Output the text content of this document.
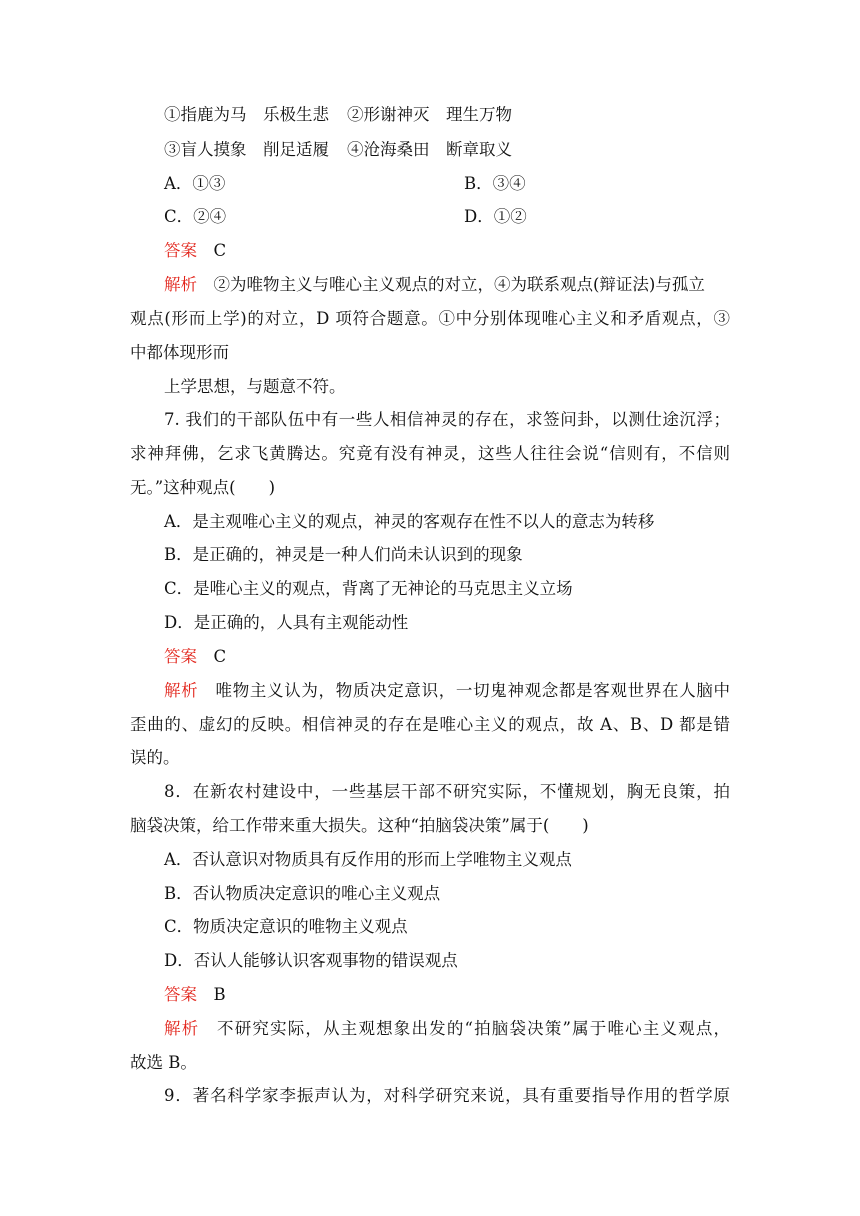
①指鹿为马　乐极生悲 ②形谢神灭　理生万物
③盲人摸象　削足适履 ④沧海桑田　断章取义
A．①③	B．③④
C．②④	D．①②
答案　 C
解析　 ②为唯物主义与唯心主义观点的对立，④为联系观点(辩证法)与孤立
观点(形而上学)的对立，D 项符合题意。①中分别体现唯心主义和矛盾观点，③
中都体现形而
上学思想，与题意不符。
7. 我们的干部队伍中有一些人相信神灵的存在，求签问卦，以测仕途沉浮；
求神拜佛，乞求飞黄腾达。究竟有没有神灵，这些人往往会说“信则有，不信则
无。”这种观点(　　)
A．是主观唯心主义的观点，神灵的客观存在性不以人的意志为转移
B．是正确的，神灵是一种人们尚未认识到的现象
C．是唯心主义的观点，背离了无神论的马克思主义立场
D．是正确的，人具有主观能动性
答案　 C
解析　 唯物主义认为，物质决定意识，一切鬼神观念都是客观世界在人脑中
歪曲的、虚幻的反映。相信神灵的存在是唯心主义的观点，故 A、B、D 都是错
误的。
8．在新农村建设中，一些基层干部不研究实际，不懂规划，胸无良策，拍
脑袋决策，给工作带来重大损失。这种“拍脑袋决策”属于(　　)
A．否认意识对物质具有反作用的形而上学唯物主义观点
B．否认物质决定意识的唯心主义观点
C．物质决定意识的唯物主义观点
D．否认人能够认识客观事物的错误观点
答案　 B
解析　 不研究实际，从主观想象出发的“拍脑袋决策”属于唯心主义观点，
故选 B。
9．著名科学家李振声认为，对科学研究来说，具有重要指导作用的哲学原
